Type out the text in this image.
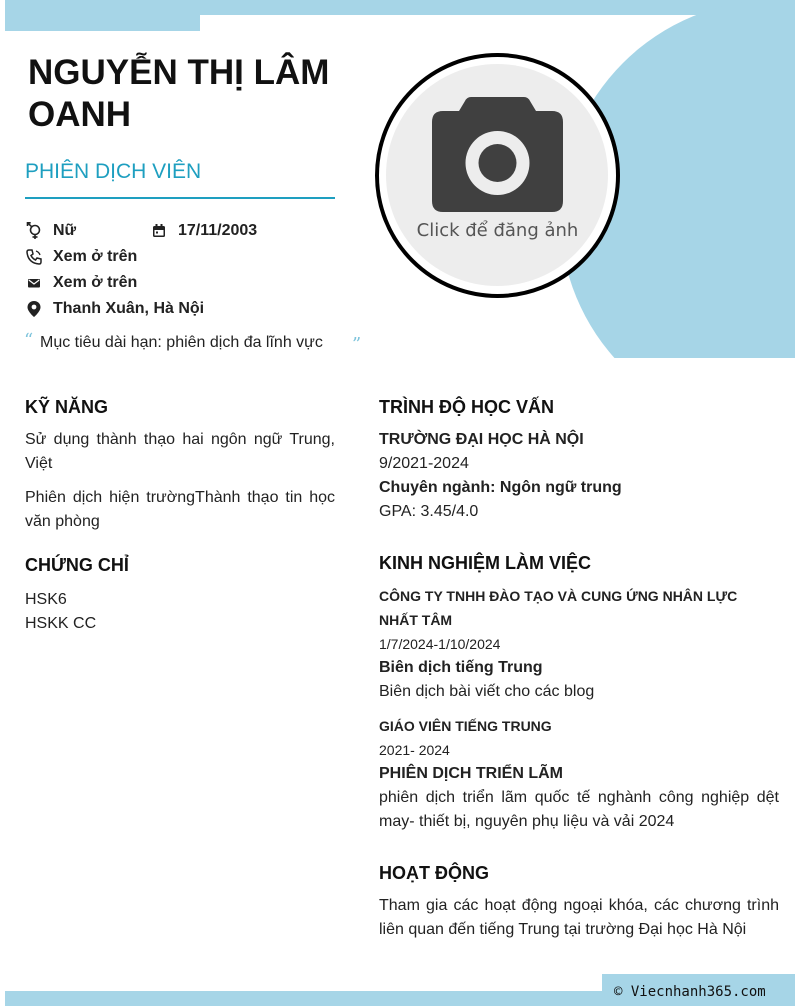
NGUYỄN THỊ LÂM OANH
PHIÊN DỊCH VIÊN
Nữ	17/11/2003
Xem ở trên
Xem ở trên
Thanh Xuân, Hà Nội
“ Mục tiêu dài hạn: phiên dịch đa lĩnh vực	”
Click để đăng ảnh
KỸ NĂNG
Sử dụng thành thạo hai ngôn ngữ Trung, Việt
Phiên dịch hiện trườngThành thạo tin học văn phòng
CHỨNG CHỈ
HSK6
HSKK CC
TRÌNH ĐỘ HỌC VẤN
TRƯỜNG ĐẠI HỌC HÀ NỘI
9/2021-2024
Chuyên ngành: Ngôn ngữ trung
GPA: 3.45/4.0
KINH NGHIỆM LÀM VIỆC
CÔNG TY TNHH ĐÀO TẠO VÀ CUNG ỨNG NHÂN LỰC NHẤT TÂM
1/7/2024-1/10/2024
Biên dịch tiếng Trung
Biên dịch bài viết cho các blog
GIÁO VIÊN TIẾNG TRUNG
2021- 2024
PHIÊN DỊCH TRIỂN LÃM
phiên dịch triển lãm quốc tế nghành công nghiệp dệt may- thiết bị, nguyên phụ liệu và vải 2024
HOẠT ĐỘNG
Tham gia các hoạt động ngoại khóa, các chương trình liên quan đến tiếng Trung tại trường Đại học Hà Nội
© Viecnhanh365.com
